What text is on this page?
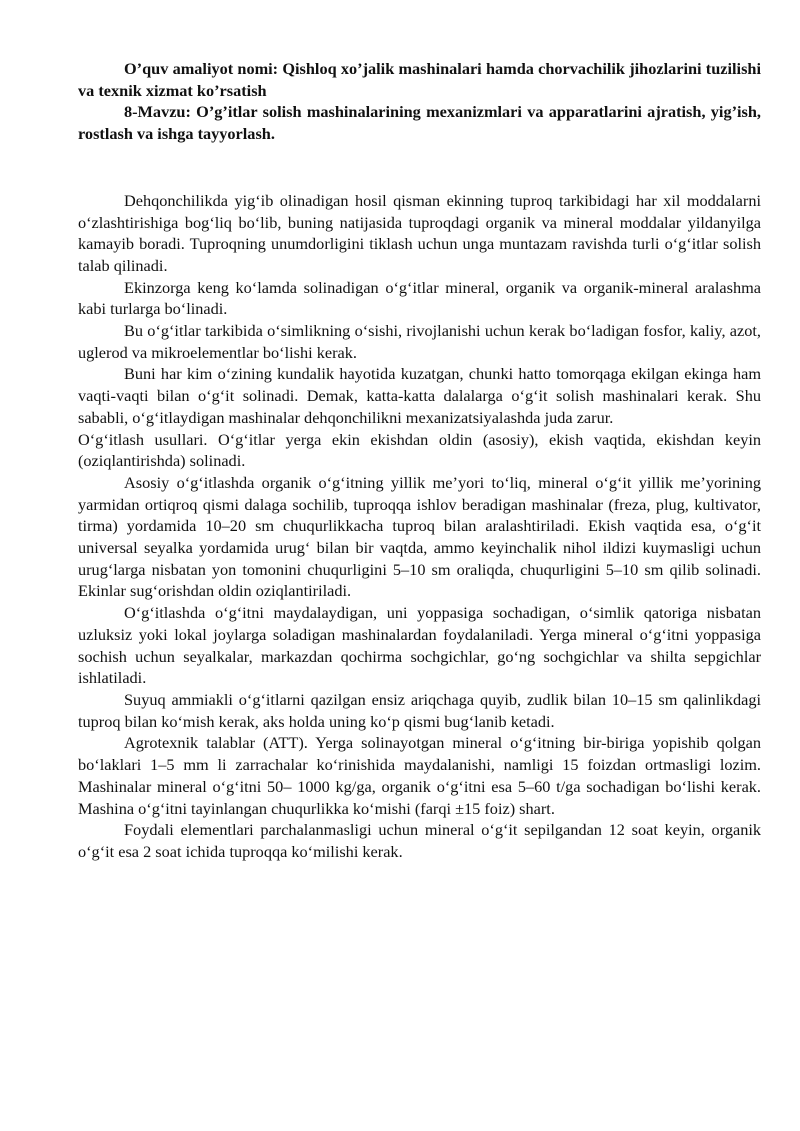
O’quv amaliyot nomi: Qishloq xo’jalik mashinalari hamda chorvachilik jihozlarini tuzilishi va texnik xizmat ko’rsatish

8-Mavzu: O’g’itlar solish mashinalarining mexanizmlari va apparatlarini ajratish, yig’ish, rostlash va ishga tayyorlash.

Dehqonchilikda yig‘ib olinadigan hosil qisman ekinning tuproq tarkibidagi har xil moddalarni o‘zlashtirishiga bog‘liq bo‘lib, buning natijasida tuproqdagi organik va mineral moddalar yildanyilga kamayib boradi. Tuproqning unumdorligini tiklash uchun unga muntazam ravishda turli o‘g‘itlar solish talab qilinadi.

Ekinzorga keng ko‘lamda solinadigan o‘g‘itlar mineral, organik va organik-mineral aralashma kabi turlarga bo‘linadi.

Bu o‘g‘itlar tarkibida o‘simlikning o‘sishi, rivojlanishi uchun kerak bo‘ladigan fosfor, kaliy, azot, uglerod va mikroelementlar bo‘lishi kerak.

Buni har kim o‘zining kundalik hayotida kuzatgan, chunki hatto tomorqaga ekilgan ekinga ham vaqti-vaqti bilan o‘g‘it solinadi. Demak, katta-katta dalalarga o‘g‘it solish mashinalari kerak. Shu sababli, o‘g‘itlaydigan mashinalar dehqonchilikni mexanizatsiyalashda juda zarur.

O‘g‘itlash usullari. O‘g‘itlar yerga ekin ekishdan oldin (asosiy), ekish vaqtida, ekishdan keyin (oziqlantirishda) solinadi.

Asosiy o‘g‘itlashda organik o‘g‘itning yillik me’yori to‘liq, mineral o‘g‘it yillik me’yorining yarmidan ortiqroq qismi dalaga sochilib, tuproqqa ishlov beradigan mashinalar (freza, plug, kultivator, tirma) yordamida 10–20 sm chuqurlikkacha tuproq bilan aralashtiriladi. Ekish vaqtida esa, o‘g‘it universal seyalka yordamida urug‘ bilan bir vaqtda, ammo keyinchalik nihol ildizi kuymasligi uchun urug‘larga nisbatan yon tomonini chuqurligini 5–10 sm oraliqda, chuqurligini 5–10 sm qilib solinadi. Ekinlar sug‘orishdan oldin oziqlantiriladi.

O‘g‘itlashda o‘g‘itni maydalaydigan, uni yoppasiga sochadigan, o‘simlik qatoriga nisbatan uzluksiz yoki lokal joylarga soladigan mashinalardan foydalaniladi. Yerga mineral o‘g‘itni yoppasiga sochish uchun seyalkalar, markazdan qochirma sochgichlar, go‘ng sochgichlar va shilta sepgichlar ishlatiladi.

Suyuq ammiakli o‘g‘itlarni qazilgan ensiz ariqchaga quyib, zudlik bilan 10–15 sm qalinlikdagi tuproq bilan ko‘mish kerak, aks holda uning ko‘p qismi bug‘lanib ketadi.

Agrotexnik talablar (ATT). Yerga solinayotgan mineral o‘g‘itning bir-biriga yopishib qolgan bo‘laklari 1–5 mm li zarrachalar ko‘rinishida maydalanishi, namligi 15 foizdan ortmasligi lozim. Mashinalar mineral o‘g‘itni 50– 1000 kg/ga, organik o‘g‘itni esa 5–60 t/ga sochadigan bo‘lishi kerak. Mashina o‘g‘itni tayinlangan chuqurlikka ko‘mishi (farqi ±15 foiz) shart.

Foydali elementlari parchalanmasligi uchun mineral o‘g‘it sepilgandan 12 soat keyin, organik o‘g‘it esa 2 soat ichida tuproqqa ko‘milishi kerak.
